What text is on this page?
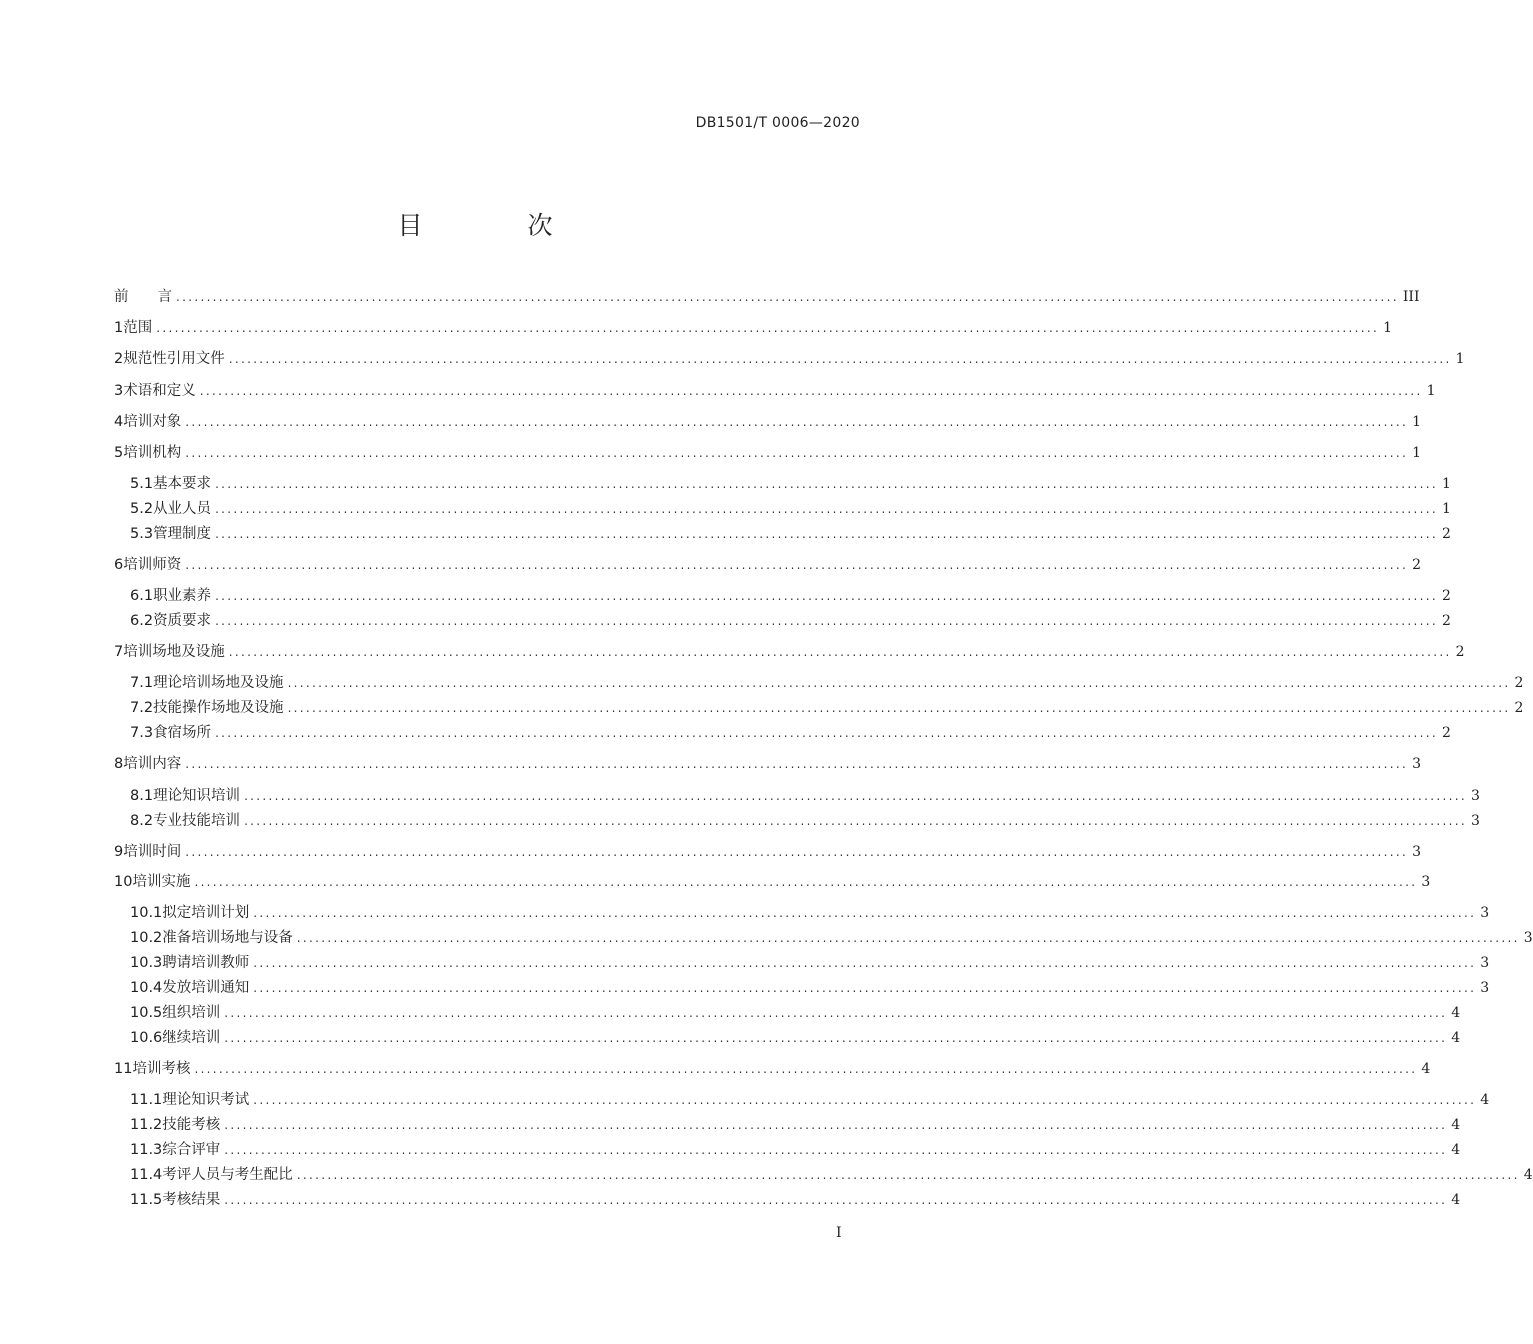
DB1501/T 0006—2020
目　次
前　　言 ........................................................................................................................................................................................................ III
1 范围 ........................................................................................................................................................................................................ 1
2 规范性引用文件 ........................................................................................................................................................................................................ 1
3 术语和定义 ........................................................................................................................................................................................................ 1
4 培训对象 ........................................................................................................................................................................................................ 1
5 培训机构 ........................................................................................................................................................................................................ 1
5.1 基本要求 ........................................................................................................................................................................................................ 1
5.2 从业人员 ........................................................................................................................................................................................................ 1
5.3 管理制度 ........................................................................................................................................................................................................ 2
6 培训师资 ........................................................................................................................................................................................................ 2
6.1 职业素养 ........................................................................................................................................................................................................ 2
6.2 资质要求 ........................................................................................................................................................................................................ 2
7 培训场地及设施 ........................................................................................................................................................................................................ 2
7.1 理论培训场地及设施 ........................................................................................................................................................................................................ 2
7.2 技能操作场地及设施 ........................................................................................................................................................................................................ 2
7.3 食宿场所 ........................................................................................................................................................................................................ 2
8 培训内容 ........................................................................................................................................................................................................ 3
8.1 理论知识培训 ........................................................................................................................................................................................................ 3
8.2 专业技能培训 ........................................................................................................................................................................................................ 3
9 培训时间 ........................................................................................................................................................................................................ 3
10 培训实施 ........................................................................................................................................................................................................ 3
10.1 拟定培训计划 ........................................................................................................................................................................................................ 3
10.2 准备培训场地与设备 ........................................................................................................................................................................................................ 3
10.3 聘请培训教师 ........................................................................................................................................................................................................ 3
10.4 发放培训通知 ........................................................................................................................................................................................................ 3
10.5 组织培训 ........................................................................................................................................................................................................ 4
10.6 继续培训 ........................................................................................................................................................................................................ 4
11 培训考核 ........................................................................................................................................................................................................ 4
11.1 理论知识考试 ........................................................................................................................................................................................................ 4
11.2 技能考核 ........................................................................................................................................................................................................ 4
11.3 综合评审 ........................................................................................................................................................................................................ 4
11.4 考评人员与考生配比 ........................................................................................................................................................................................................ 4
11.5 考核结果 ........................................................................................................................................................................................................ 4
I
